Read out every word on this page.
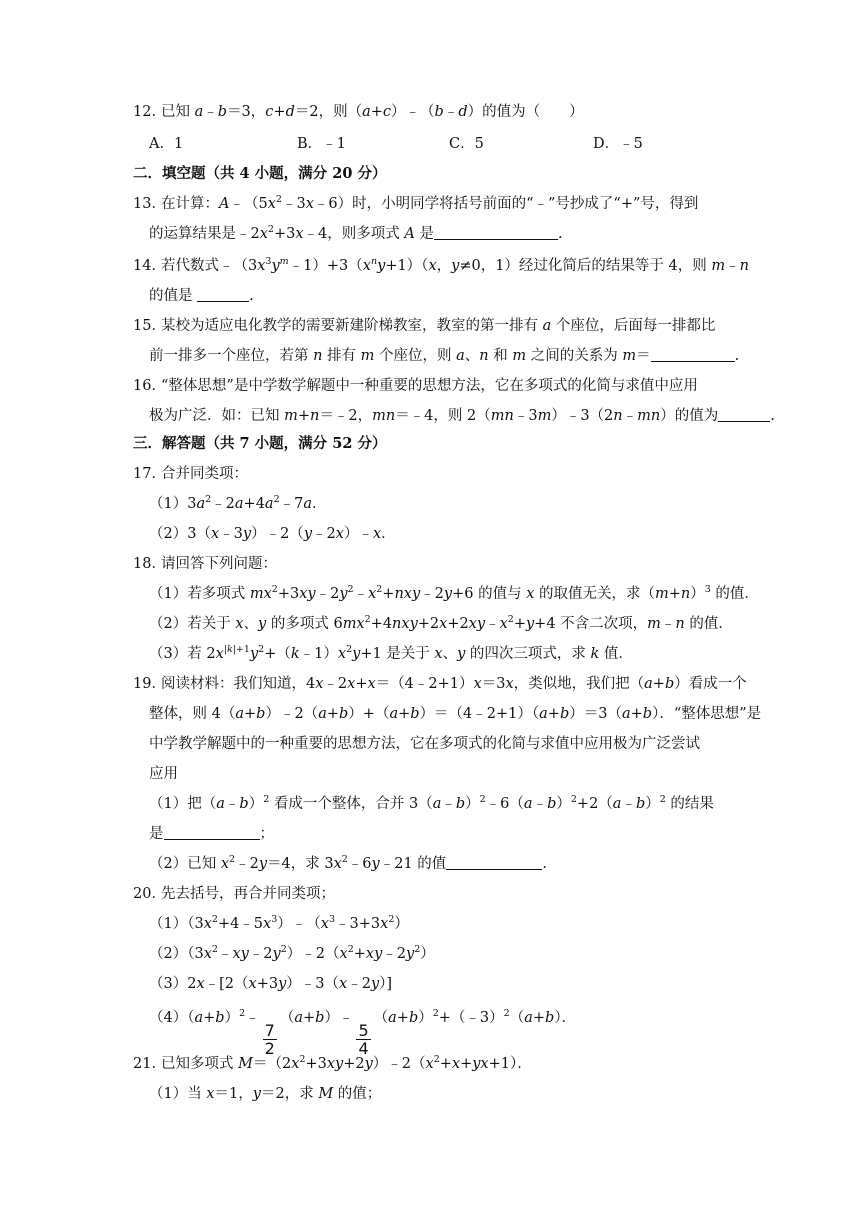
12．
已知 a﹣b＝3，c+d＝2，则（a+c）﹣（b﹣d）的值为（　　）
A．1	B．﹣1	C．5	D．﹣5
二．填空题（共 4 小题，满分 20 分）
13．
在计算：$A﹣(5x^2﹣3x﹣6)$时，小明同学将括号前面的“﹣”号抄成了“+”号，得到
的运算结果是$﹣2x^2+3x﹣4$，则多项式 A 是	.
14．
若代数式$﹣(3x^3y^m﹣1)+3(x^ny+1)(x$，y≠0，1）经过化简后的结果等于 4，则 m﹣n
的值是	.
15．
某校为适应电化教学的需要新建阶梯教室，教室的第一排有 a 个座位，后面每一排都比
前一排多一个座位，若第 n 排有 m 个座位，则 a、n 和 m 之间的关系为 m＝	.
16．
“整体思想”是中学数学解题中一种重要的思想方法，它在多项式的化简与求值中应用
极为广泛．如：已知 m+n＝﹣2，mn＝﹣4，则 2（mn﹣3m）﹣3（2n﹣mn）的值为	.
三．解答题（共 7 小题，满分 52 分）
17．
合并同类项：
$(1)3a^2﹣2a+4a^2﹣7a$．
（2）3（x﹣3y）﹣2（y﹣2x）﹣x．
18．
请回答下列问题：
（1）若多项式 $mx^2+3xy﹣2y^2﹣x^2+nxy﹣2y+6$ 的值与 x 的取值无关，求$(m+n)^3$ 的值．
（2）若关于 x、y 的多项式 $6mx^2+4nxy+2x+2xy﹣x^2+y+4$ 不含二次项，m﹣n 的值．
（3）若 $2x^{|k|+1}y^2+(k﹣1)x^2y+1$ 是关于 x、y 的四次三项式，求 k 值．
19．
阅读材料：我们知道，4x﹣2x+x＝（4﹣2+1）x＝3x，类似地，我们把（a+b）看成一个
整体，则 4（a+b）﹣2（a+b）+（a+b）＝（4﹣2+1）（a+b）＝3（a+b）．“整体思想”是
中学教学解题中的一种重要的思想方法，它在多项式的化简与求值中应用极为广泛尝试
应用
（1）把（a﹣b）$^2$ 看成一个整体，合并 3（a﹣b）$^2$﹣6（a﹣b）$^2$+2（a﹣b）$^2$ 的结果
是	；
（2）已知 $x^2﹣2y=4$，求 $3x^2﹣6y﹣21$ 的值	.
20．
先去括号，再合并同类项；
$(1)(3x^2+4﹣5x^3)﹣(x^3﹣3+3x^2)$
$(2)(3x^2﹣xy﹣2y^2)﹣2(x^2+xy﹣2y^2)$
（3）2x﹣[2（x+3y）﹣3（x﹣2y）]
$(4)(a+b)^2﹣$
$\frac{7}{2}$
（a+b）﹣
$\frac{5}{4}$
$(a+b)^2+(﹣3)^2(a+b)$．
21．
已知多项式 $M=(2x^2+3xy+2y)﹣2(x^2+x+yx+1)$．
（1）当 x＝1，y＝2，求 M 的值；
